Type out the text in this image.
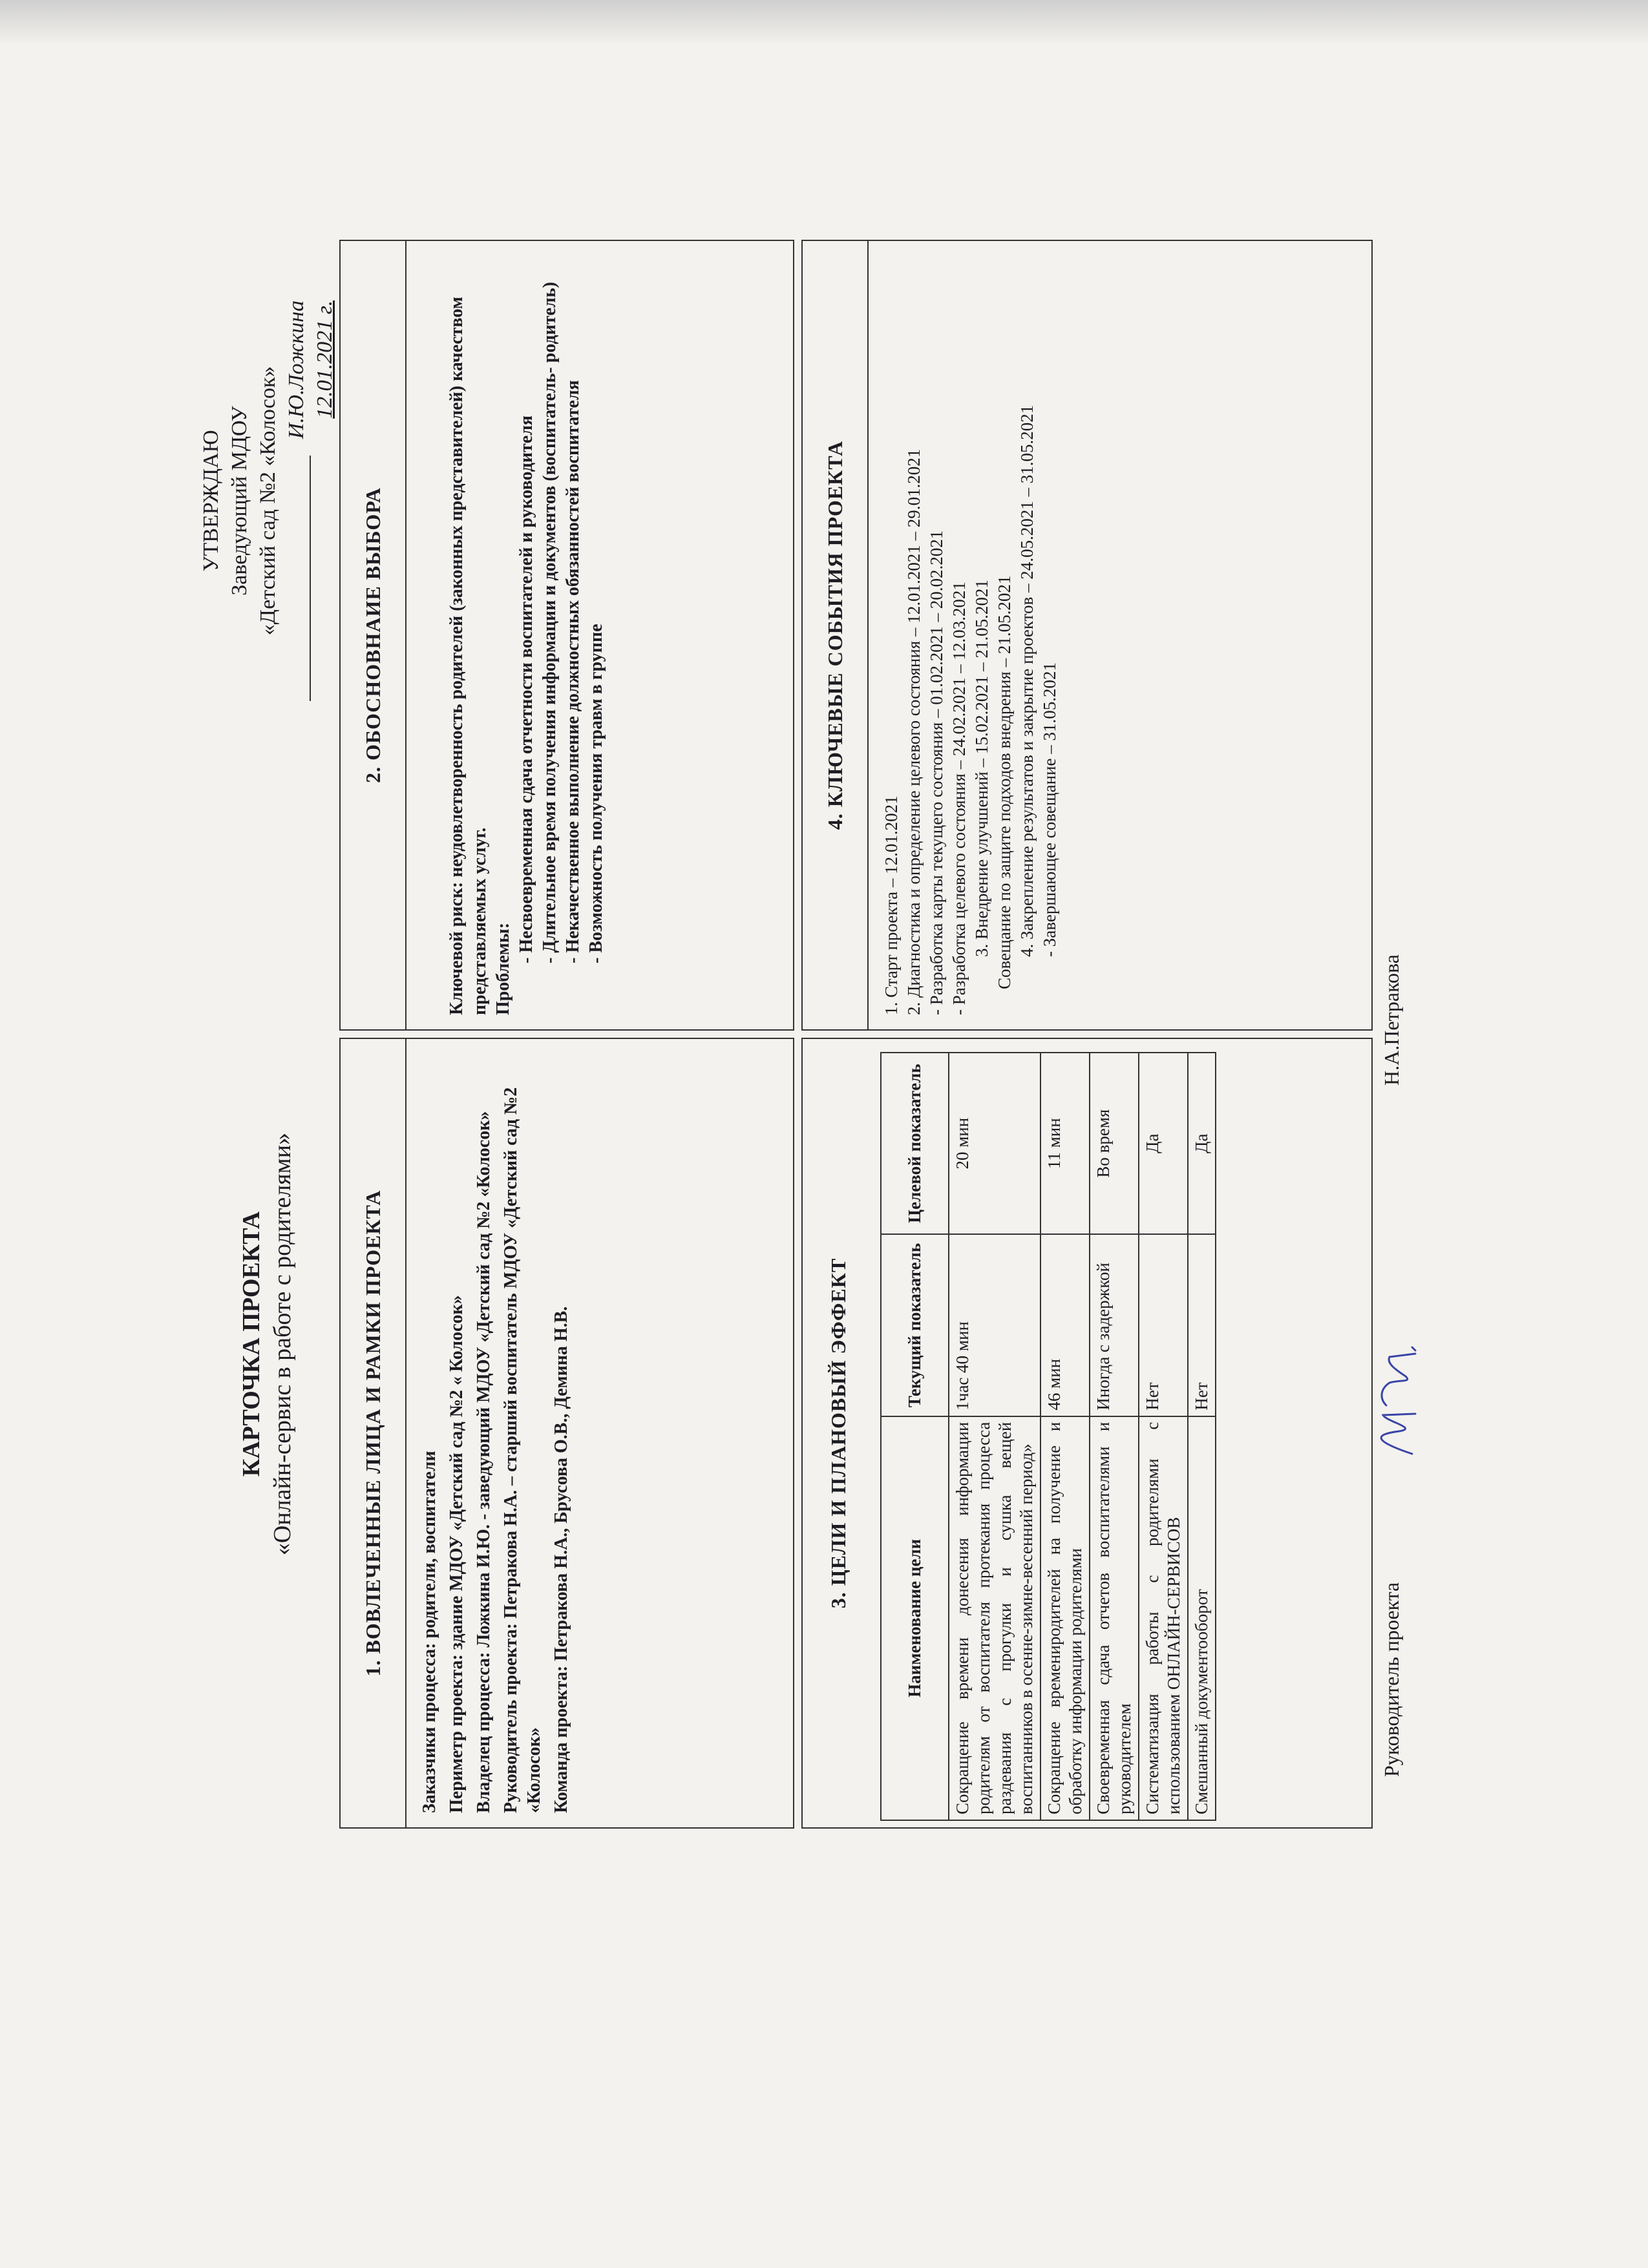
УТВЕРЖДАЮ Заведующий МДОУ «Детский сад №2 «Колосок» И.Ю.Ложкина 12.01.2021 г.
КАРТОЧКА ПРОЕКТА «Онлайн-сервис в работе с родителями»	1. ВОВЛЕЧЕННЫЕ ЛИЦА И РАМКИ ПРОЕКТА	Заказчики процесса: родители, воспитатели Периметр проекта: здание МДОУ «Детский сад №2 « Колосок» Владелец процесса: Ложкина И.Ю. - заведующий МДОУ «Детский сад №2 «Колосок» Руководитель проекта: Петракова Н.А. – старший воспитатель МДОУ «Детский сад №2 «Колосок» Команда проекта: Петракова Н.А., Брусова О.В., Демина Н.В.

2. ОБОСНОВНАИЕ ВЫБОРА	Ключевой риск: неудовлетворенность родителей (законных представителей) качеством представляемых услуг. Проблемы:

- Несвоевременная сдача отчетности воспитателей и руководителя - Длительное время получения информации и документов (воспитатель- родитель) - Некачественное выполнение должностных обязанностей воспитателя - Возможность получения травм в группе

3. ЦЕЛИ И ПЛАНОВЫЙ ЭФФЕКТ
Наименование цели	Текущий показатель	Целевой показатель
Сокращение времени донесения информации родителям от воспитателя протекания процесса раздевания с прогулки и сушка вещей воспитанников в осенне-зимне-весенний период»	1час 40 мин	20 мин
Сокращение времениродителей на получение и обработку информации родителями	46 мин	11 мин
Своевременная сдача отчетов воспитателями и руководителем	Иногда с задержкой	Во время
Систематизация работы с родителями с использованием ОНЛАЙН-СЕРВИСОВ	Нет	Да
Смешанный документооборот	Нет	Да
4. КЛЮЧЕВЫЕ СОБЫТИЯ ПРОЕКТА

1. Старт проекта – 12.01.2021 2. Диагностика и определение целевого состояния – 12.01.2021 – 29.01.2021 - Разработка карты текущего состояния – 01.02.2021 – 20.02.2021 - Разработка целевого состояния – 24.02.2021 – 12.03.2021 3. Внедрение улучшений – 15.02.2021 – 21.05.2021 Совещание по защите подходов внедрения – 21.05.2021 4. Закрепление результатов и закрытие проектов – 24.05.2021 – 31.05.2021 - Завершающее совещание – 31.05.2021

Руководитель проекта
Н.А.Петракова
